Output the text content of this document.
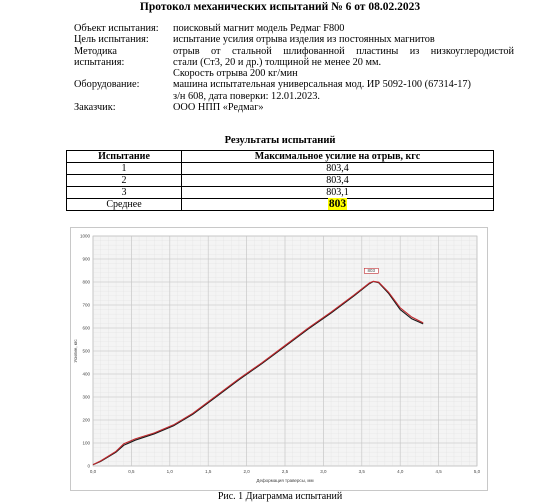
Протокол механических испытаний № 6 от 08.02.2023
Объект испытания:	поисковый магнит модель Редмаг F800
Цель испытания:	испытание усилия отрыва изделия из постоянных магнитов
Методика
испытания:
отрыв от стальной шлифованной пластины из низкоуглеродистой
стали (Ст3, 20 и др.) толщиной не менее 20 мм.
Скорость отрыва 200 кг/мин
Оборудование:	машина испытательная универсальная мод. ИР 5092-100 (67314-17)
з/н 608, дата поверки: 12.01.2023.
Заказчик:	ООО НПП «Редмаг»
Результаты испытаний
Испытание	Максимальное усилие на отрыв, кгс
1	803,4
2	803,4
3	803,1
Среднее	803
0,0	0,5	1,0	1,5	2,0	2,5	3,0	3,5	4,0	4,5	5,0
0
100
200
300
400
500
600
700
800
900
1000
Деформация траверсы, мм
Усилие, кгс
803
Рис. 1 Диаграмма испытаний
